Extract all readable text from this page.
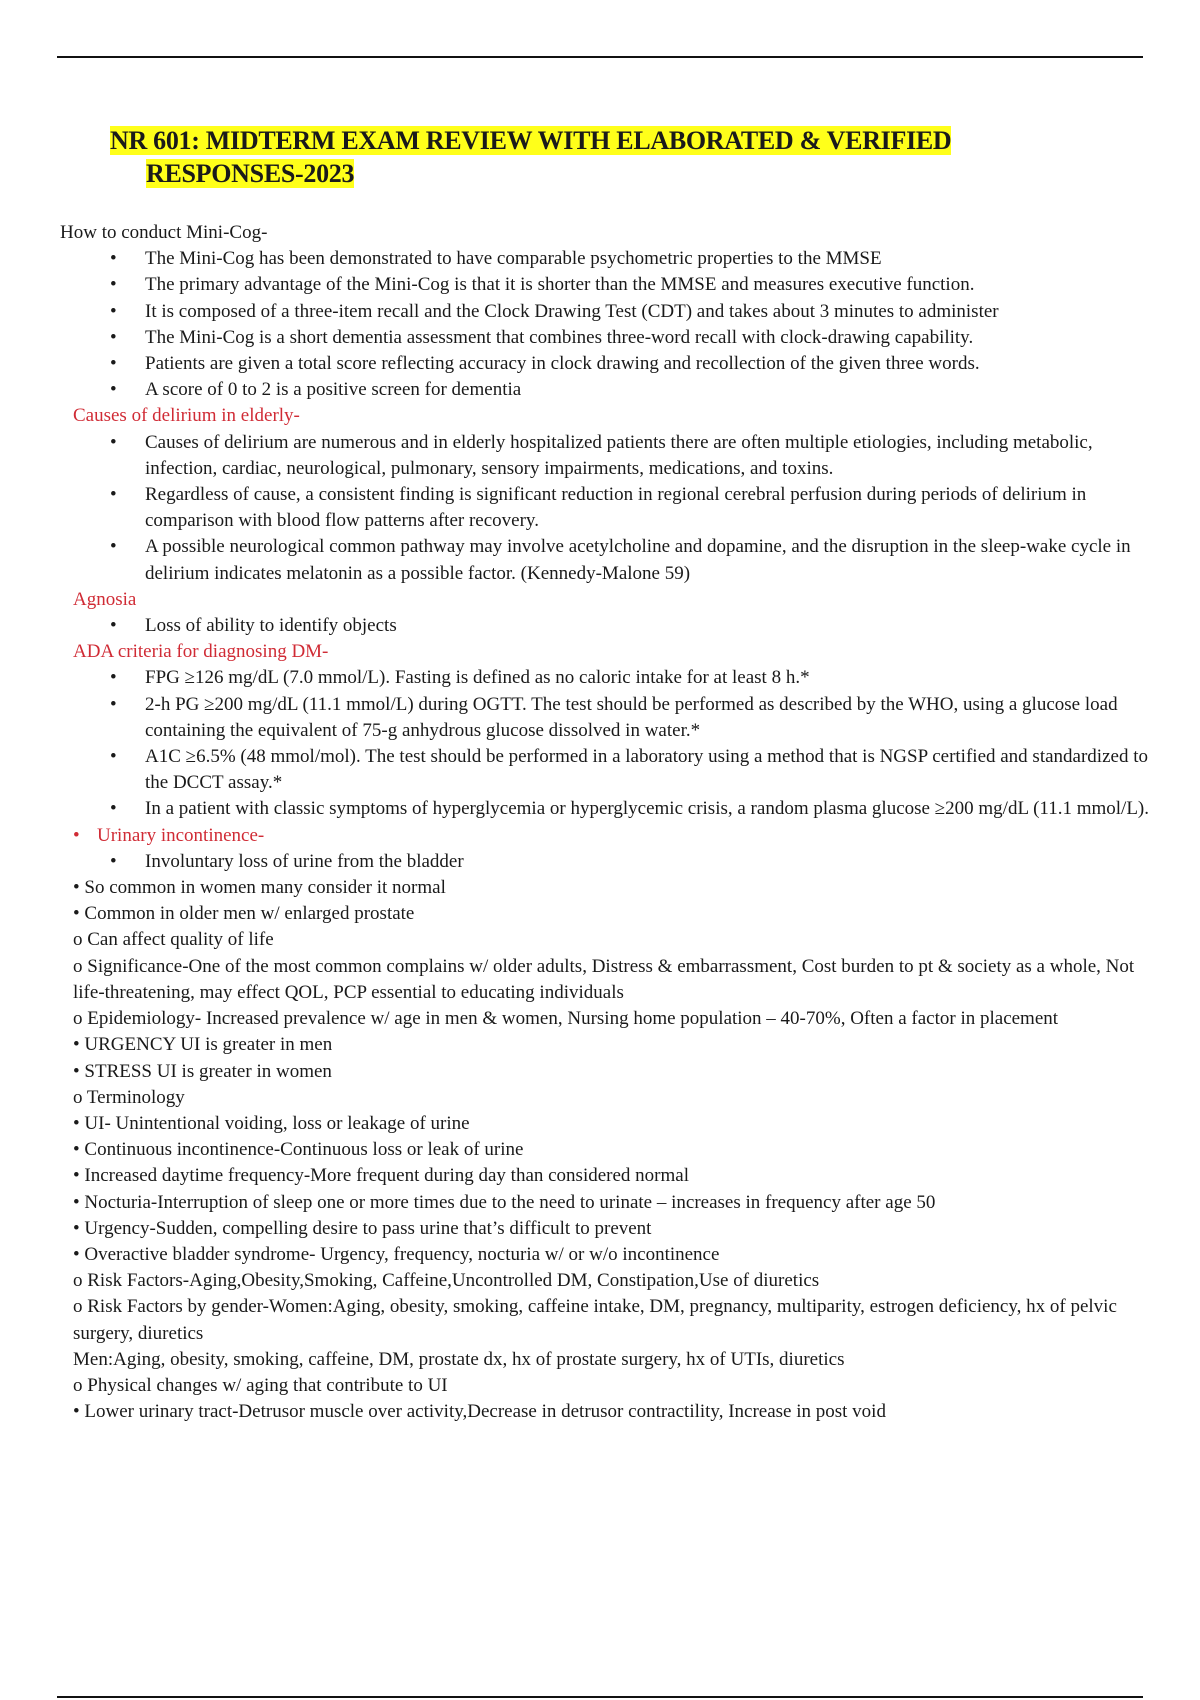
NR 601: MIDTERM EXAM REVIEW WITH ELABORATED & VERIFIED
RESPONSES-2023
How to conduct Mini-Cog-
• The Mini-Cog has been demonstrated to have comparable psychometric properties to the MMSE
• The primary advantage of the Mini-Cog is that it is shorter than the MMSE and measures executive function.
• It is composed of a three-item recall and the Clock Drawing Test (CDT) and takes about 3 minutes to administer
• The Mini-Cog is a short dementia assessment that combines three-word recall with clock-drawing capability.
• Patients are given a total score reflecting accuracy in clock drawing and recollection of the given three words.
• A score of 0 to 2 is a positive screen for dementia
Causes of delirium in elderly-
• Causes of delirium are numerous and in elderly hospitalized patients there are often multiple etiologies, including metabolic, infection, cardiac, neurological, pulmonary, sensory impairments, medications, and toxins.
• Regardless of cause, a consistent finding is significant reduction in regional cerebral perfusion during periods of delirium in comparison with blood flow patterns after recovery.
• A possible neurological common pathway may involve acetylcholine and dopamine, and the disruption in the sleep-wake cycle in delirium indicates melatonin as a possible factor. (Kennedy-Malone 59)
Agnosia
• Loss of ability to identify objects
ADA criteria for diagnosing DM-
• FPG ≥126 mg/dL (7.0 mmol/L). Fasting is defined as no caloric intake for at least 8 h.*
• 2-h PG ≥200 mg/dL (11.1 mmol/L) during OGTT. The test should be performed as described by the WHO, using a glucose load containing the equivalent of 75-g anhydrous glucose dissolved in water.*
• A1C ≥6.5% (48 mmol/mol). The test should be performed in a laboratory using a method that is NGSP certified and standardized to the DCCT assay.*
• In a patient with classic symptoms of hyperglycemia or hyperglycemic crisis, a random plasma glucose ≥200 mg/dL (11.1 mmol/L).
• Urinary incontinence-
• Involuntary loss of urine from the bladder
• So common in women many consider it normal
• Common in older men w/ enlarged prostate
o Can affect quality of life
o Significance-One of the most common complains w/ older adults, Distress & embarrassment, Cost burden to pt & society as a whole, Not life-threatening, may effect QOL, PCP essential to educating individuals
o Epidemiology- Increased prevalence w/ age in men & women, Nursing home population – 40-70%, Often a factor in placement
• URGENCY UI is greater in men
• STRESS UI is greater in women
o Terminology
• UI- Unintentional voiding, loss or leakage of urine
• Continuous incontinence-Continuous loss or leak of urine
• Increased daytime frequency-More frequent during day than considered normal
• Nocturia-Interruption of sleep one or more times due to the need to urinate – increases in frequency after age 50
• Urgency-Sudden, compelling desire to pass urine that’s difficult to prevent
• Overactive bladder syndrome- Urgency, frequency, nocturia w/ or w/o incontinence
o Risk Factors-Aging,Obesity,Smoking, Caffeine,Uncontrolled DM, Constipation,Use of diuretics
o Risk Factors by gender-Women:Aging, obesity, smoking, caffeine intake, DM, pregnancy, multiparity, estrogen deficiency, hx of pelvic surgery, diuretics
Men:Aging, obesity, smoking, caffeine, DM, prostate dx, hx of prostate surgery, hx of UTIs, diuretics
o Physical changes w/ aging that contribute to UI
• Lower urinary tract-Detrusor muscle over activity,Decrease in detrusor contractility, Increase in post void
